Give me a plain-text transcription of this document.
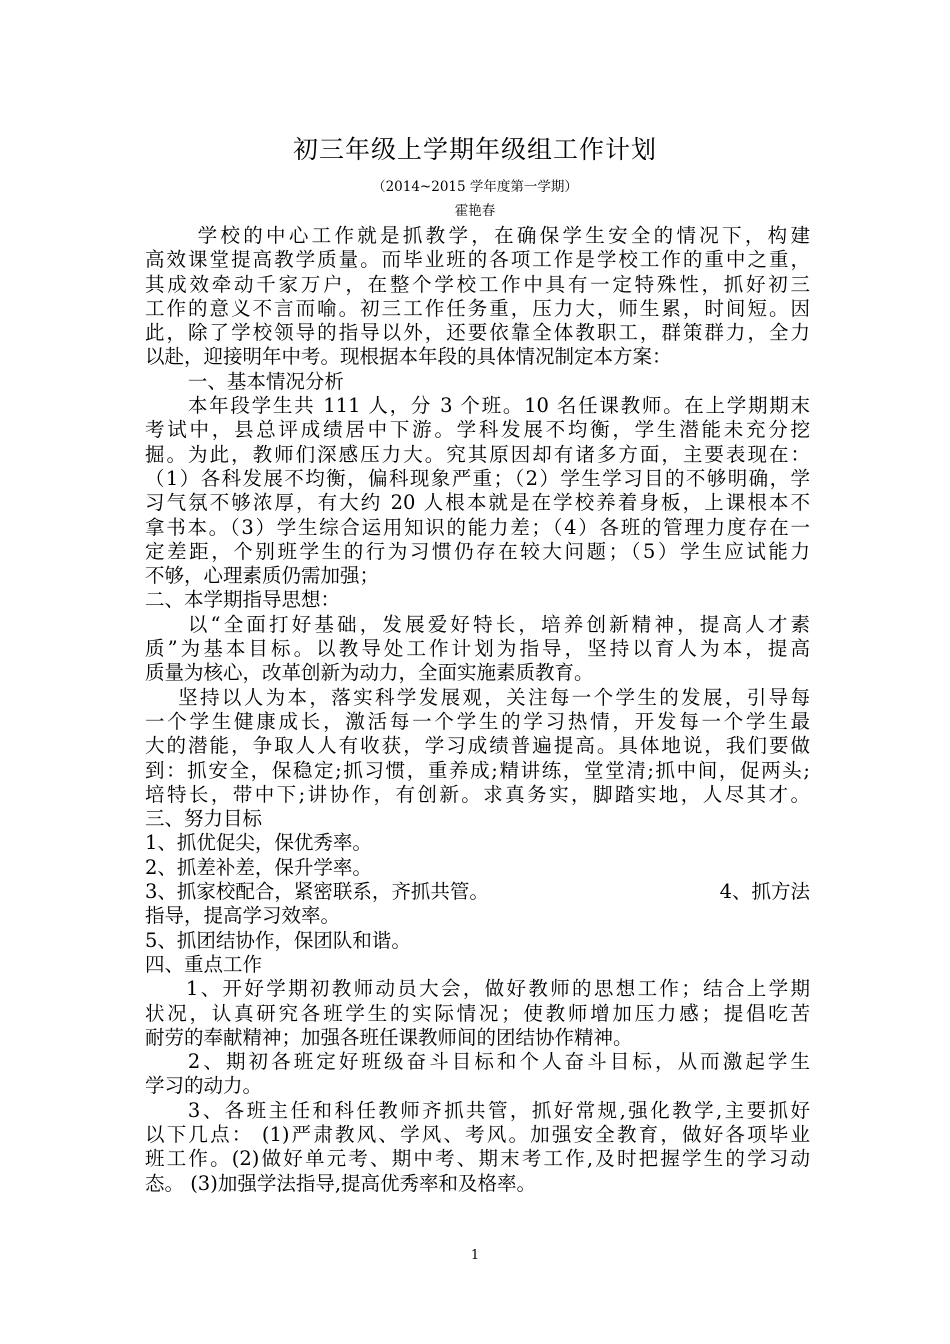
初三年级上学期年级组工作计划
（2014~2015 学年度第一学期）
霍艳春
学校的中心工作就是抓教学，在确保学生安全的情况下，构建
高效课堂提高教学质量。而毕业班的各项工作是学校工作的重中之重，
其成效牵动千家万户，在整个学校工作中具有一定特殊性，抓好初三
工作的意义不言而喻。初三工作任务重，压力大，师生累，时间短。因
此，除了学校领导的指导以外，还要依靠全体教职工，群策群力，全力
以赴，迎接明年中考。现根据本年段的具体情况制定本方案：
一、基本情况分析
本年段学生共 111 人，分 3 个班。10 名任课教师。在上学期期末
考试中，县总评成绩居中下游。学科发展不均衡，学生潜能未充分挖
掘。为此，教师们深感压力大。究其原因却有诸多方面，主要表现在：
（1）各科发展不均衡，偏科现象严重；（2）学生学习目的不够明确，学
习气氛不够浓厚，有大约 20 人根本就是在学校养着身板，上课根本不
拿书本。（3）学生综合运用知识的能力差；（4）各班的管理力度存在一
定差距，个别班学生的行为习惯仍存在较大问题；（5）学生应试能力
不够，心理素质仍需加强；
二、本学期指导思想：
以“全面打好基础，发展爱好特长，培养创新精神，提高人才素
质”为基本目标。以教导处工作计划为指导，坚持以育人为本，提高
质量为核心，改革创新为动力，全面实施素质教育。
坚持以人为本，落实科学发展观，关注每一个学生的发展，引导每
一个学生健康成长，激活每一个学生的学习热情，开发每一个学生最
大的潜能，争取人人有收获，学习成绩普遍提高。具体地说，我们要做
到：抓安全，保稳定;抓习惯，重养成;精讲练，堂堂清;抓中间，促两头;
培特长，带中下;讲协作，有创新。求真务实，脚踏实地，人尽其才。
三、努力目标
1、抓优促尖，保优秀率。
2、抓差补差，保升学率。
3、抓家校配合，紧密联系，齐抓共管。	4、抓方法
指导，提高学习效率。
5、抓团结协作，保团队和谐。
四、重点工作
1、开好学期初教师动员大会，做好教师的思想工作；结合上学期
状况，认真研究各班学生的实际情况；使教师增加压力感；提倡吃苦
耐劳的奉献精神；加强各班任课教师间的团结协作精神。
2、期初各班定好班级奋斗目标和个人奋斗目标，从而激起学生
学习的动力。
3、各班主任和科任教师齐抓共管，抓好常规,强化教学,主要抓好
以下几点： (1)严肃教风、学风、考风。加强安全教育，做好各项毕业
班工作。(2)做好单元考、期中考、期末考工作,及时把握学生的学习动
态。 (3)加强学法指导,提高优秀率和及格率。
1
